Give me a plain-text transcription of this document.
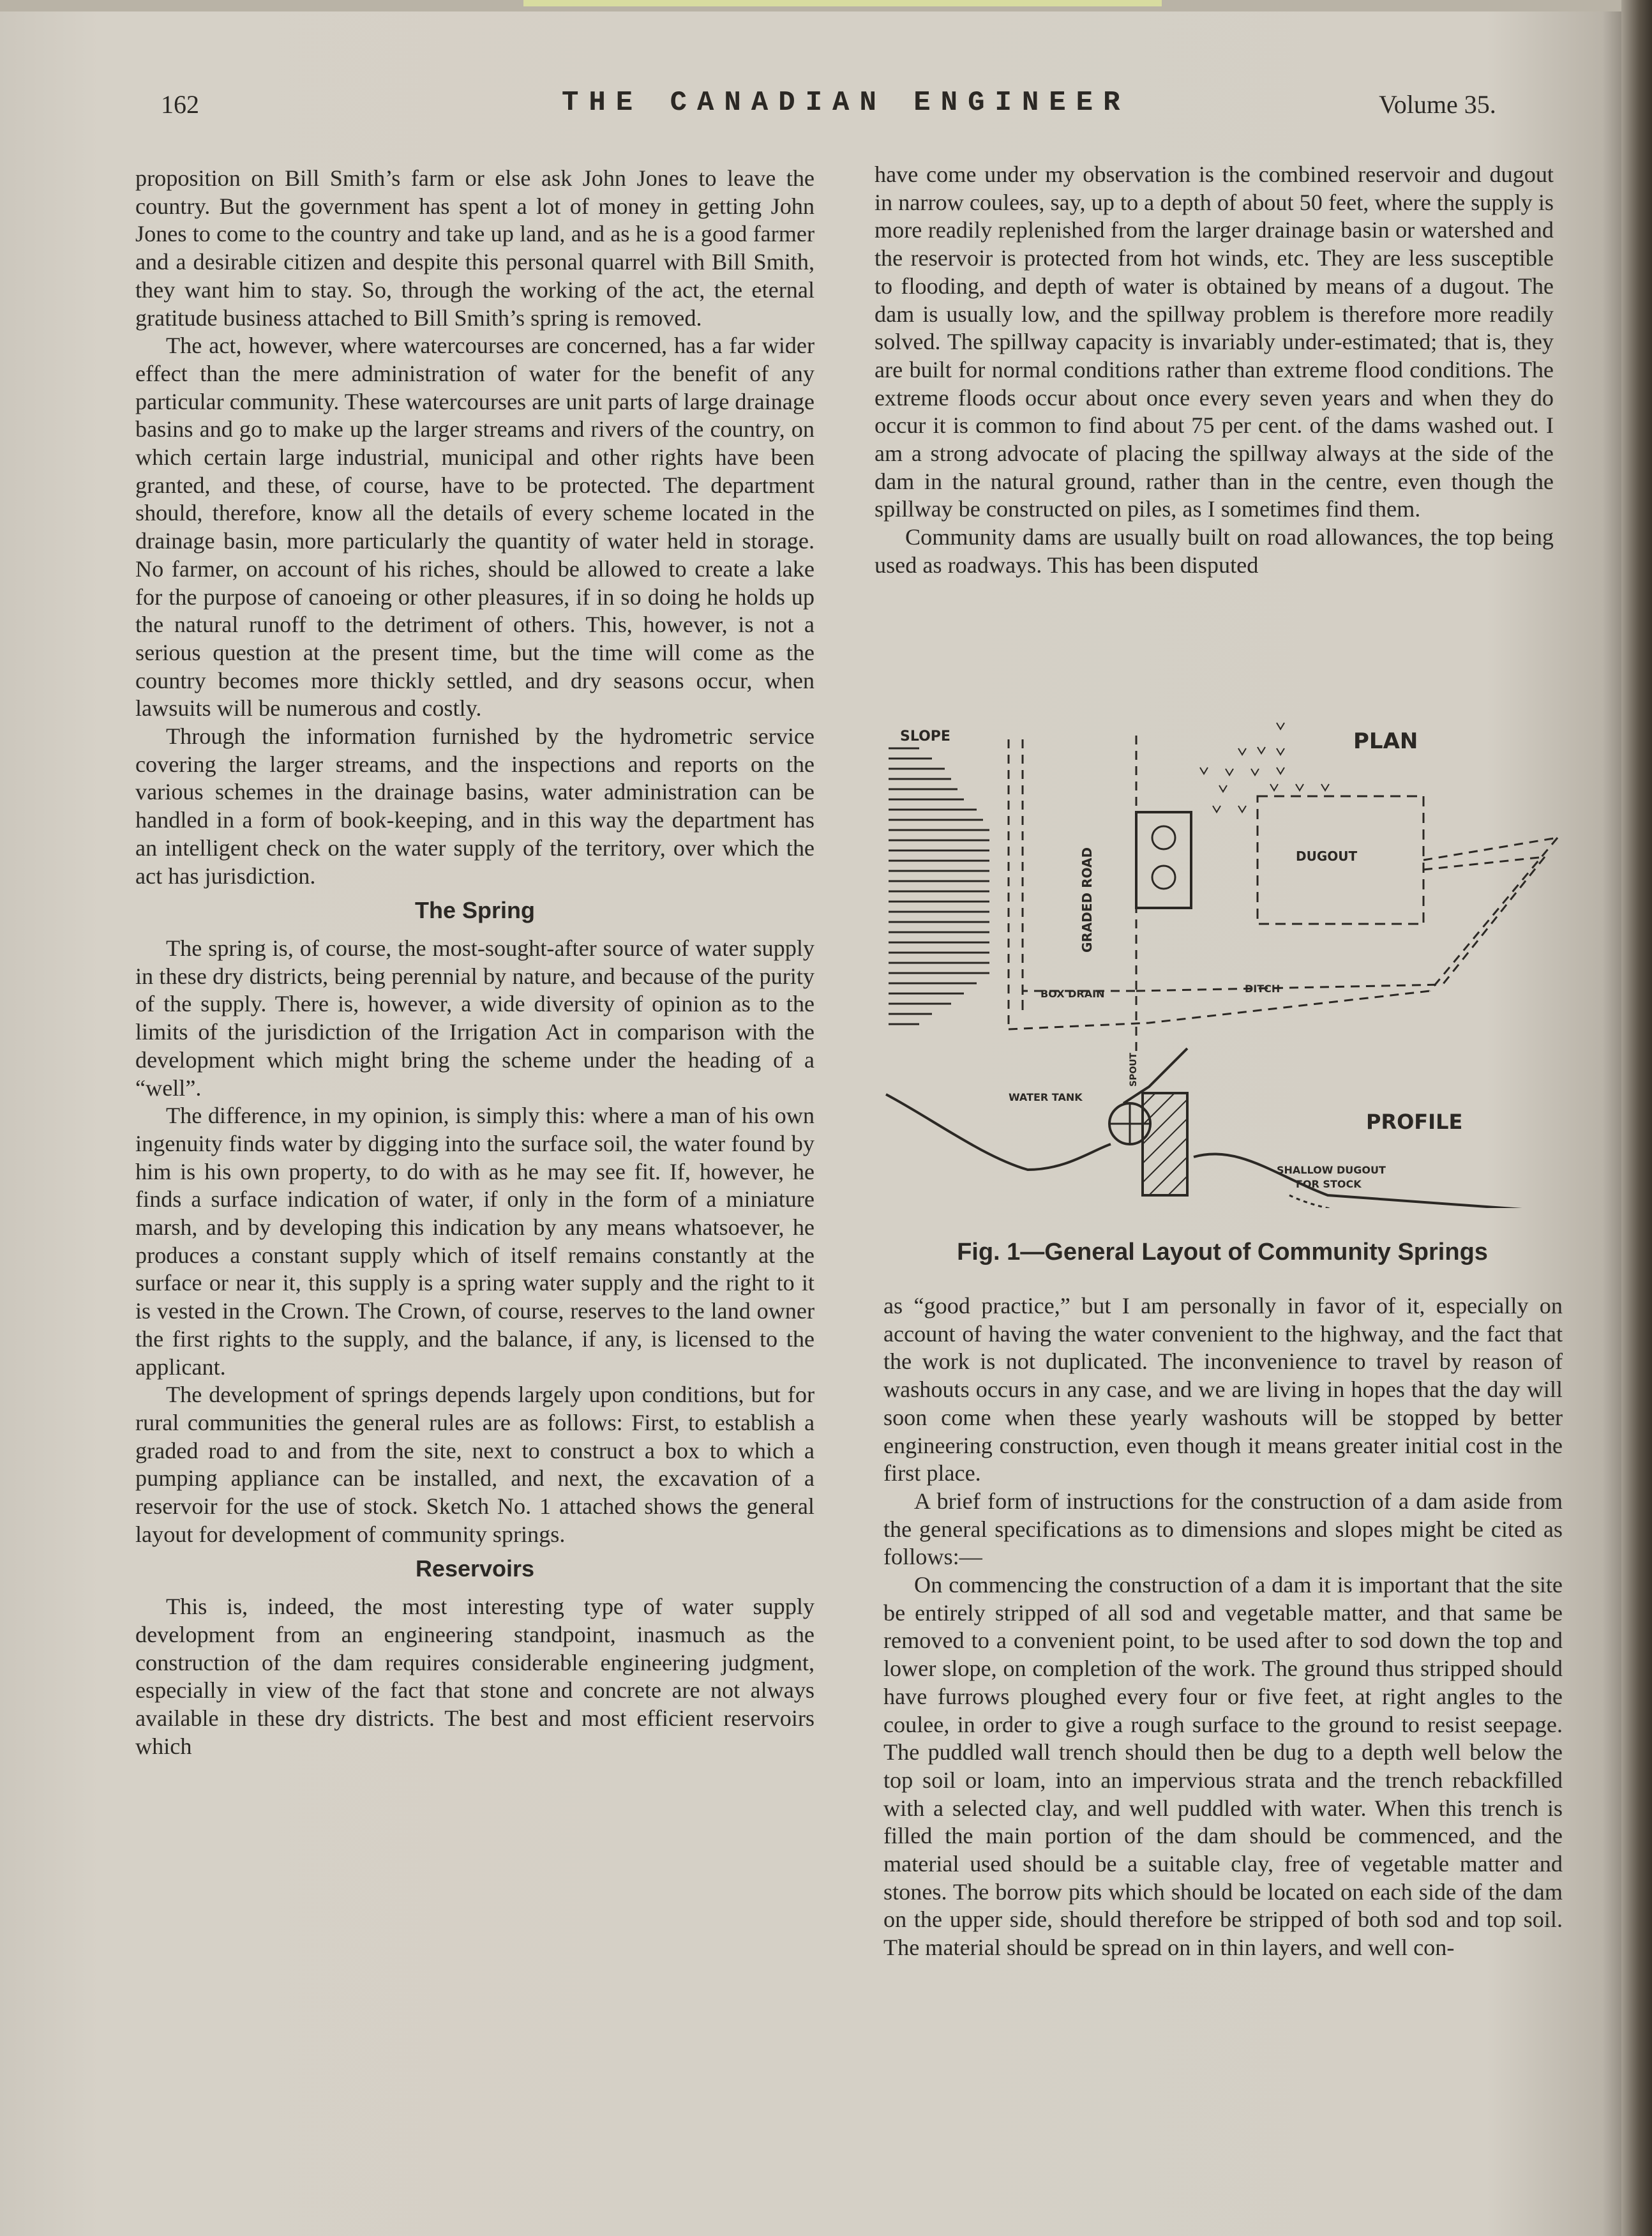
162	THE CANADIAN ENGINEER	Volume 35.

proposition on Bill Smith’s farm or else ask John Jones to leave the country. But the government has spent a lot of money in getting John Jones to come to the country and take up land, and as he is a good farmer and a desirable citizen and despite this personal quarrel with Bill Smith, they want him to stay. So, through the working of the act, the eternal gratitude business attached to Bill Smith’s spring is removed.

The act, however, where watercourses are concerned, has a far wider effect than the mere administration of water for the benefit of any particular community. These watercourses are unit parts of large drainage basins and go to make up the larger streams and rivers of the country, on which certain large industrial, municipal and other rights have been granted, and these, of course, have to be protected. The department should, therefore, know all the details of every scheme located in the drainage basin, more particularly the quantity of water held in storage. No farmer, on account of his riches, should be allowed to create a lake for the purpose of canoeing or other pleasures, if in so doing he holds up the natural runoff to the detriment of others. This, however, is not a serious question at the present time, but the time will come as the country becomes more thickly settled, and dry seasons occur, when lawsuits will be numerous and costly.

Through the information furnished by the hydrometric service covering the larger streams, and the inspections and reports on the various schemes in the drainage basins, water administration can be handled in a form of book-keeping, and in this way the department has an intelligent check on the water supply of the territory, over which the act has jurisdiction.

The Spring

The spring is, of course, the most-sought-after source of water supply in these dry districts, being perennial by nature, and because of the purity of the supply. There is, however, a wide diversity of opinion as to the limits of the jurisdiction of the Irrigation Act in comparison with the development which might bring the scheme under the heading of a “well”.

The difference, in my opinion, is simply this: where a man of his own ingenuity finds water by digging into the surface soil, the water found by him is his own property, to do with as he may see fit. If, however, he finds a surface indication of water, if only in the form of a miniature marsh, and by developing this indication by any means whatsoever, he produces a constant supply which of itself remains constantly at the surface or near it, this supply is a spring water supply and the right to it is vested in the Crown. The Crown, of course, reserves to the land owner the first rights to the supply, and the balance, if any, is licensed to the applicant.

The development of springs depends largely upon conditions, but for rural communities the general rules are as follows: First, to establish a graded road to and from the site, next to construct a box to which a pumping appliance can be installed, and next, the excavation of a reservoir for the use of stock. Sketch No. 1 attached shows the general layout for development of community springs.

Reservoirs

This is, indeed, the most interesting type of water supply development from an engineering standpoint, inasmuch as the construction of the dam requires considerable engineering judgment, especially in view of the fact that stone and concrete are not always available in these dry districts. The best and most efficient reservoirs which

have come under my observation is the combined reservoir and dugout in narrow coulees, say, up to a depth of about 50 feet, where the supply is more readily replenished from the larger drainage basin or watershed and the reservoir is protected from hot winds, etc. They are less susceptible to flooding, and depth of water is obtained by means of a dugout. The dam is usually low, and the spillway problem is therefore more readily solved. The spillway capacity is invariably under-estimated; that is, they are built for normal conditions rather than extreme flood conditions. The extreme floods occur about once every seven years and when they do occur it is common to find about 75 per cent. of the dams washed out. I am a strong advocate of placing the spillway always at the side of the dam in the natural ground, rather than in the centre, even though the spillway be constructed on piles, as I sometimes find them.

Community dams are usually built on road allowances, the top being used as roadways. This has been disputed

SLOPE	PLAN
DUGOUT
GRADED ROAD
BOX DRAIN	DITCH
SPOUT
WATER TANK
PROFILE
SHALLOW DUGOUT
FOR STOCK
Fig. 1—General Layout of Community Springs

as “good practice,” but I am personally in favor of it, especially on account of having the water convenient to the highway, and the fact that the work is not duplicated. The inconvenience to travel by reason of washouts occurs in any case, and we are living in hopes that the day will soon come when these yearly washouts will be stopped by better engineering construction, even though it means greater initial cost in the first place.

A brief form of instructions for the construction of a dam aside from the general specifications as to dimensions and slopes might be cited as follows:—

On commencing the construction of a dam it is important that the site be entirely stripped of all sod and vegetable matter, and that same be removed to a convenient point, to be used after to sod down the top and lower slope, on completion of the work. The ground thus stripped should have furrows ploughed every four or five feet, at right angles to the coulee, in order to give a rough surface to the ground to resist seepage. The puddled wall trench should then be dug to a depth well below the top soil or loam, into an impervious strata and the trench rebackfilled with a selected clay, and well puddled with water. When this trench is filled the main portion of the dam should be commenced, and the material used should be a suitable clay, free of vegetable matter and stones. The borrow pits which should be located on each side of the dam on the upper side, should therefore be stripped of both sod and top soil. The material should be spread on in thin layers, and well con-
